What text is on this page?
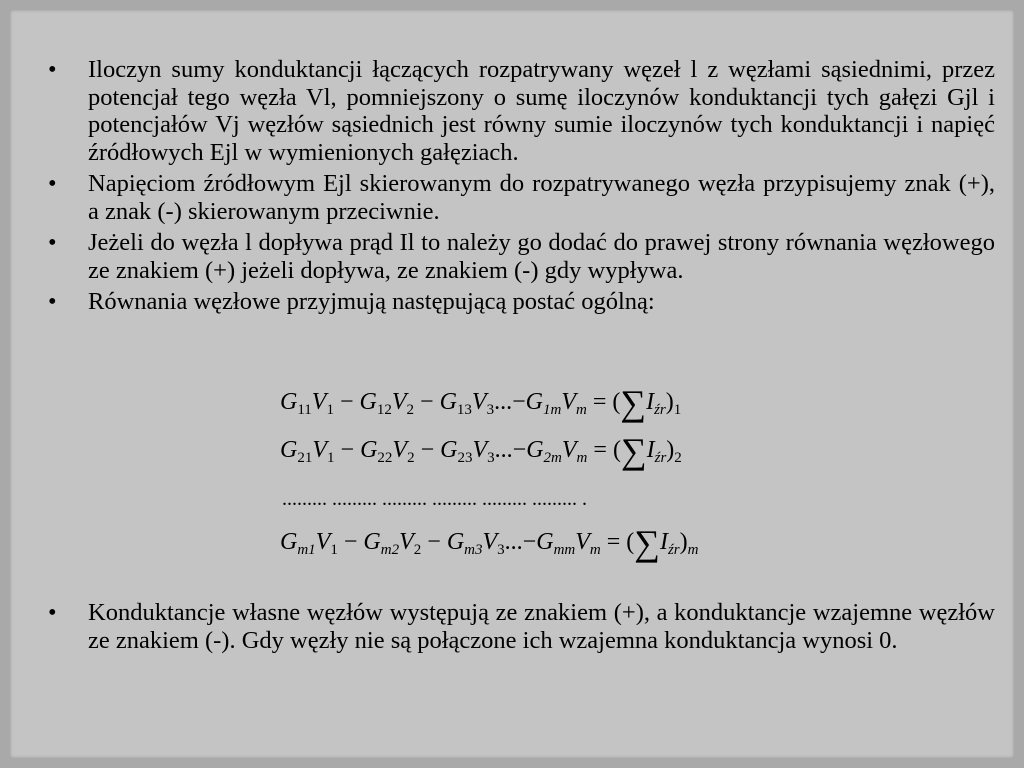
• Iloczyn sumy konduktancji łączących rozpatrywany węzeł l z węzłami sąsiednimi, przez potencjał tego węzła Vl, pomniejszony o sumę iloczynów konduktancji tych gałęzi Gjl i potencjałów Vj węzłów sąsiednich jest równy sumie iloczynów tych konduktancji i napięć źródłowych Ejl w wymienionych gałęziach.
• Napięciom źródłowym Ejl skierowanym do rozpatrywanego węzła przypisujemy znak (+), a znak (-) skierowanym przeciwnie.
• Jeżeli do węzła l dopływa prąd Il to należy go dodać do prawej strony równania węzłowego ze znakiem (+) jeżeli dopływa, ze znakiem (-) gdy wypływa.
• Równania węzłowe przyjmują następującą postać ogólną:
• Konduktancje własne węzłów występują ze znakiem (+), a konduktancje wzajemne węzłów ze znakiem (-). Gdy węzły nie są połączone ich wzajemna konduktancja wynosi 0.
$G_{11}V_1 - G_{12}V_2 - G_{13}V_3...-G_{1m}V_m = (\sum I_{źr})_1$
$G_{21}V_1 - G_{22}V_2 - G_{23}V_3...-G_{2m}V_m = (\sum I_{źr})_2$
......... ......... ......... ......... ......... ......... .
$G_{m1}V_1 - G_{m2}V_2 - G_{m3}V_3...-G_{mm}V_m = (\sum I_{źr})_m$
